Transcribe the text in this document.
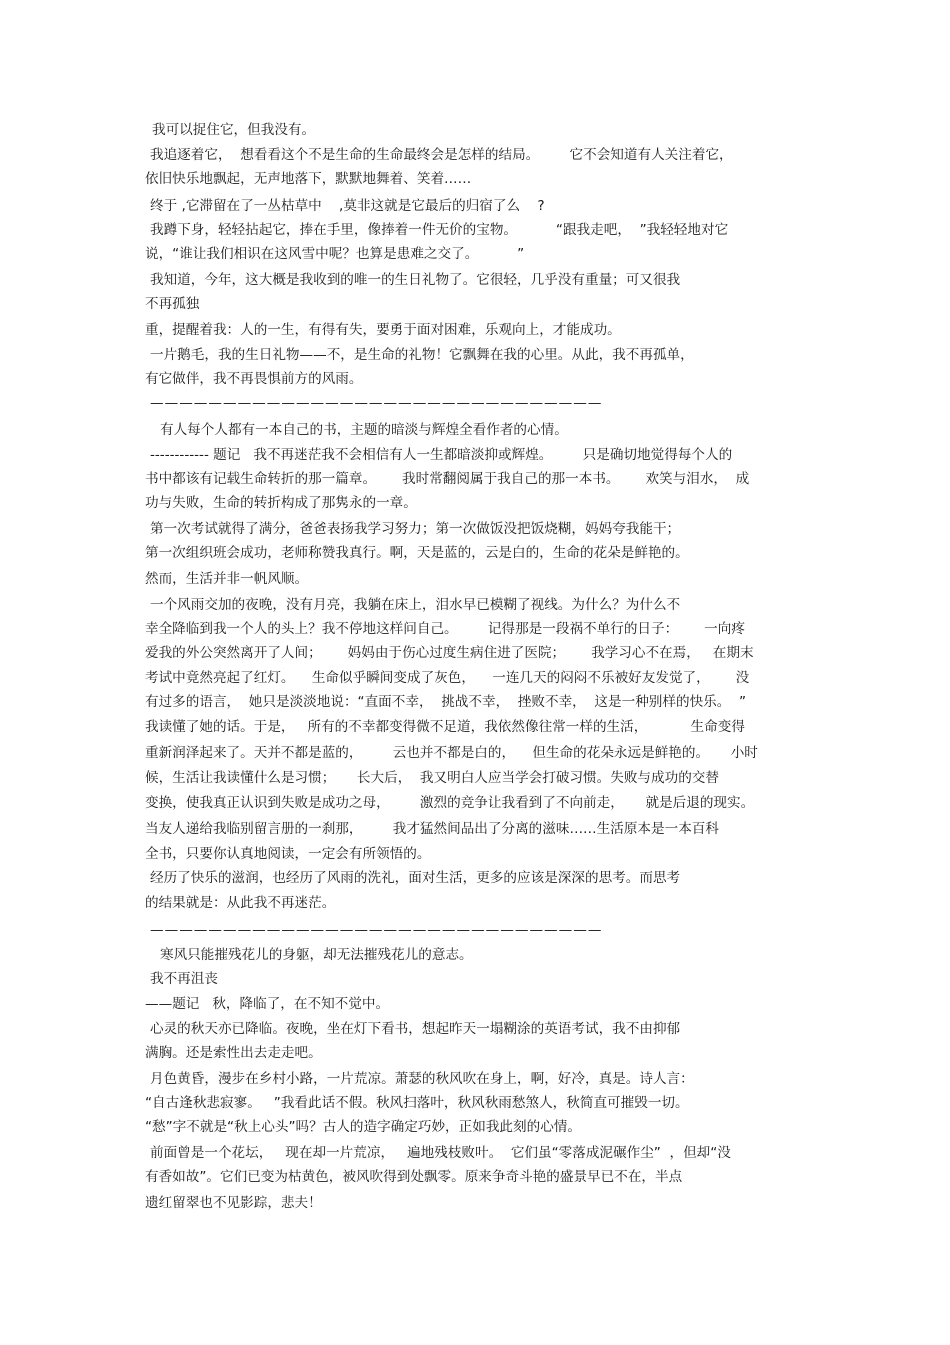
我可以捉住它，但我没有。
我追逐着它，  想看看这个不是生命的生命最终会是怎样的结局。       它不会知道有人关注着它，
依旧快乐地飘起，无声地落下，默默地舞着、笑着……
终于 ,它滞留在了一丛枯草中    ,莫非这就是它最后的归宿了么    ?
我蹲下身，轻轻拈起它，捧在手里，像捧着一件无价的宝物。         “跟我走吧，  ”我轻轻地对它
说，“谁让我们相识在这风雪中呢？也算是患难之交了。         ”
我知道，今年，这大概是我收到的唯一的生日礼物了。它很轻，几乎没有重量；可又很我
不再孤独
重，提醒着我：人的一生，有得有失，要勇于面对困难，乐观向上，才能成功。
一片鹅毛，我的生日礼物——不，是生命的礼物！它飘舞在我的心里。从此，我不再孤单，
有它做伴，我不再畏惧前方的风雨。
———————————————————————————————
有人每个人都有一本自己的书，主题的暗淡与辉煌全看作者的心情。
------------ 题记   我不再迷茫我不会相信有人一生都暗淡抑或辉煌。       只是确切地觉得每个人的
书中都该有记载生命转折的那一篇章。      我时常翻阅属于我自己的那一本书。      欢笑与泪水，  成
功与失败，生命的转折构成了那隽永的一章。
第一次考试就得了满分，爸爸表扬我学习努力；第一次做饭没把饭烧糊，妈妈夸我能干；
第一次组织班会成功，老师称赞我真行。啊，天是蓝的，云是白的，生命的花朵是鲜艳的。
然而，生活并非一帆风顺。
一个风雨交加的夜晚，没有月亮，我躺在床上，泪水早已模糊了视线。为什么？为什么不
幸全降临到我一个人的头上？我不停地这样问自己。       记得那是一段祸不单行的日子：      一向疼
爱我的外公突然离开了人间；      妈妈由于伤心过度生病住进了医院；      我学习心不在焉，   在期末
考试中竟然亮起了红灯。    生命似乎瞬间变成了灰色，    一连几天的闷闷不乐被好友发觉了，      没
有过多的语言，  她只是淡淡地说：“直面不幸，  挑战不幸，  挫败不幸，  这是一种别样的快乐。  ”
我读懂了她的话。于是，   所有的不幸都变得微不足道，我依然像往常一样的生活，          生命变得
重新润泽起来了。天并不都是蓝的，       云也并不都是白的，    但生命的花朵永远是鲜艳的。     小时
候，生活让我读懂什么是习惯；     长大后，  我又明白人应当学会打破习惯。失败与成功的交替
变换，使我真正认识到失败是成功之母，       激烈的竞争让我看到了不向前走，     就是后退的现实。
当友人递给我临别留言册的一刹那，       我才猛然间品出了分离的滋味……生活原本是一本百科
全书，只要你认真地阅读，一定会有所领悟的。
经历了快乐的滋润，也经历了风雨的洗礼，面对生活，更多的应该是深深的思考。而思考
的结果就是：从此我不再迷茫。
———————————————————————————————
寒风只能摧残花儿的身躯，却无法摧残花儿的意志。
我不再沮丧
——题记   秋，降临了，在不知不觉中。
心灵的秋天亦已降临。夜晚，坐在灯下看书，想起昨天一塌糊涂的英语考试，我不由抑郁
满胸。还是索性出去走走吧。
月色黄昏，漫步在乡村小路，一片荒凉。萧瑟的秋风吹在身上，啊，好冷，真是。诗人言：
“自古逢秋悲寂寥。   ”我看此话不假。秋风扫落叶，秋风秋雨愁煞人，秋简直可摧毁一切。
“愁”字不就是“秋上心头”吗？古人的造字确定巧妙，正如我此刻的心情。
前面曾是一个花坛，   现在却一片荒凉，   遍地残枝败叶。  它们虽“零落成泥碾作尘”  ，但却“没
有香如故”。它们已变为枯黄色，被风吹得到处飘零。原来争奇斗艳的盛景早已不在，半点
遗红留翠也不见影踪，悲夫！
